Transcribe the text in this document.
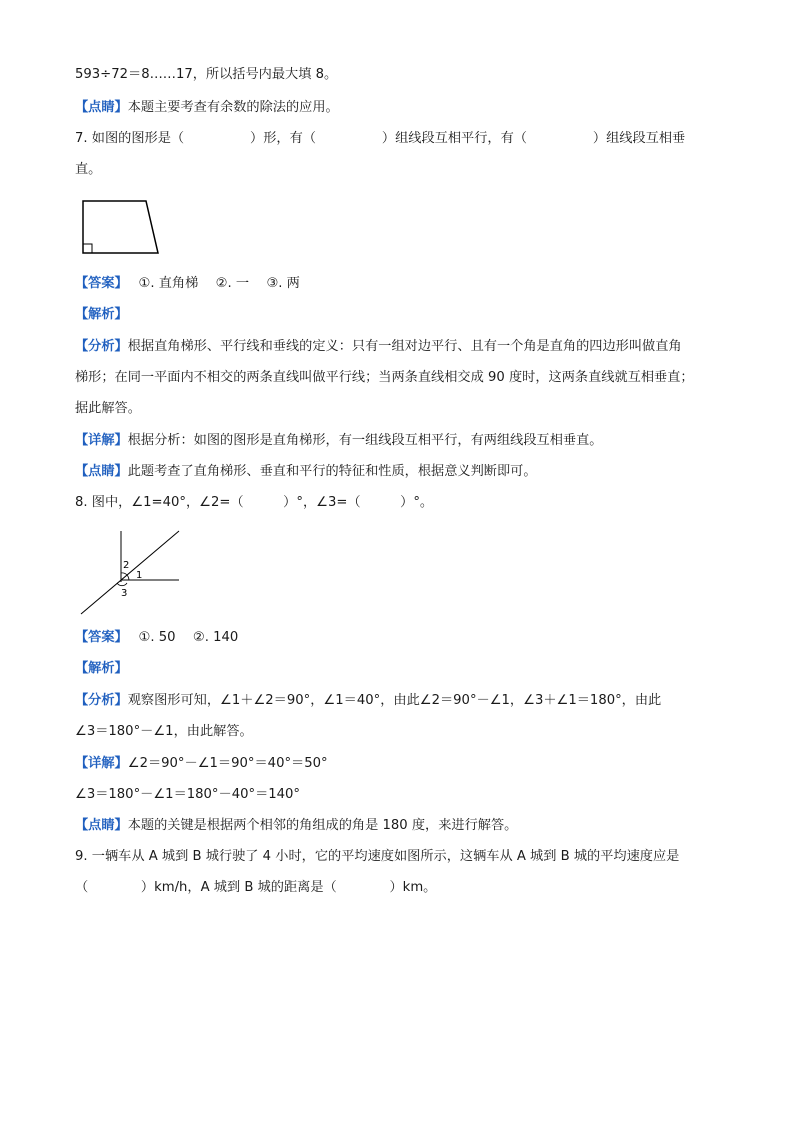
593÷72＝8……17，所以括号内最大填 8。
【点睛】本题主要考查有余数的除法的应用。
7. 如图的图形是（　　　　　）形，有（　　　　　）组线段互相平行，有（　　　　　）组线段互相垂
直。
【答案】　 ①. 直角梯　 ②. 一　 ③. 两
【解析】
【分析】根据直角梯形、平行线和垂线的定义：只有一组对边平行、且有一个角是直角的四边形叫做直角
梯形；在同一平面内不相交的两条直线叫做平行线；当两条直线相交成 90 度时，这两条直线就互相垂直；
据此解答。
【详解】根据分析：如图的图形是直角梯形，有一组线段互相平行，有两组线段互相垂直。
【点睛】此题考查了直角梯形、垂直和平行的特征和性质，根据意义判断即可。
8. 图中，∠1=40°，∠2=（　　　）°，∠3=（　　　）°。
2
1
3
【答案】　 ①. 50　 ②. 140
【解析】
【分析】观察图形可知，∠1＋∠2＝90°，∠1＝40°，由此∠2＝90°－∠1，∠3＋∠1＝180°，由此
∠3＝180°－∠1，由此解答。
【详解】∠2＝90°－∠1＝90°＝40°＝50°
∠3＝180°－∠1＝180°－40°＝140°
【点睛】本题的关键是根据两个相邻的角组成的角是 180 度，来进行解答。
9. 一辆车从 A 城到 B 城行驶了 4 小时，它的平均速度如图所示，这辆车从 A 城到 B 城的平均速度应是
（　　　　）km/h，A 城到 B 城的距离是（　　　　）km。
